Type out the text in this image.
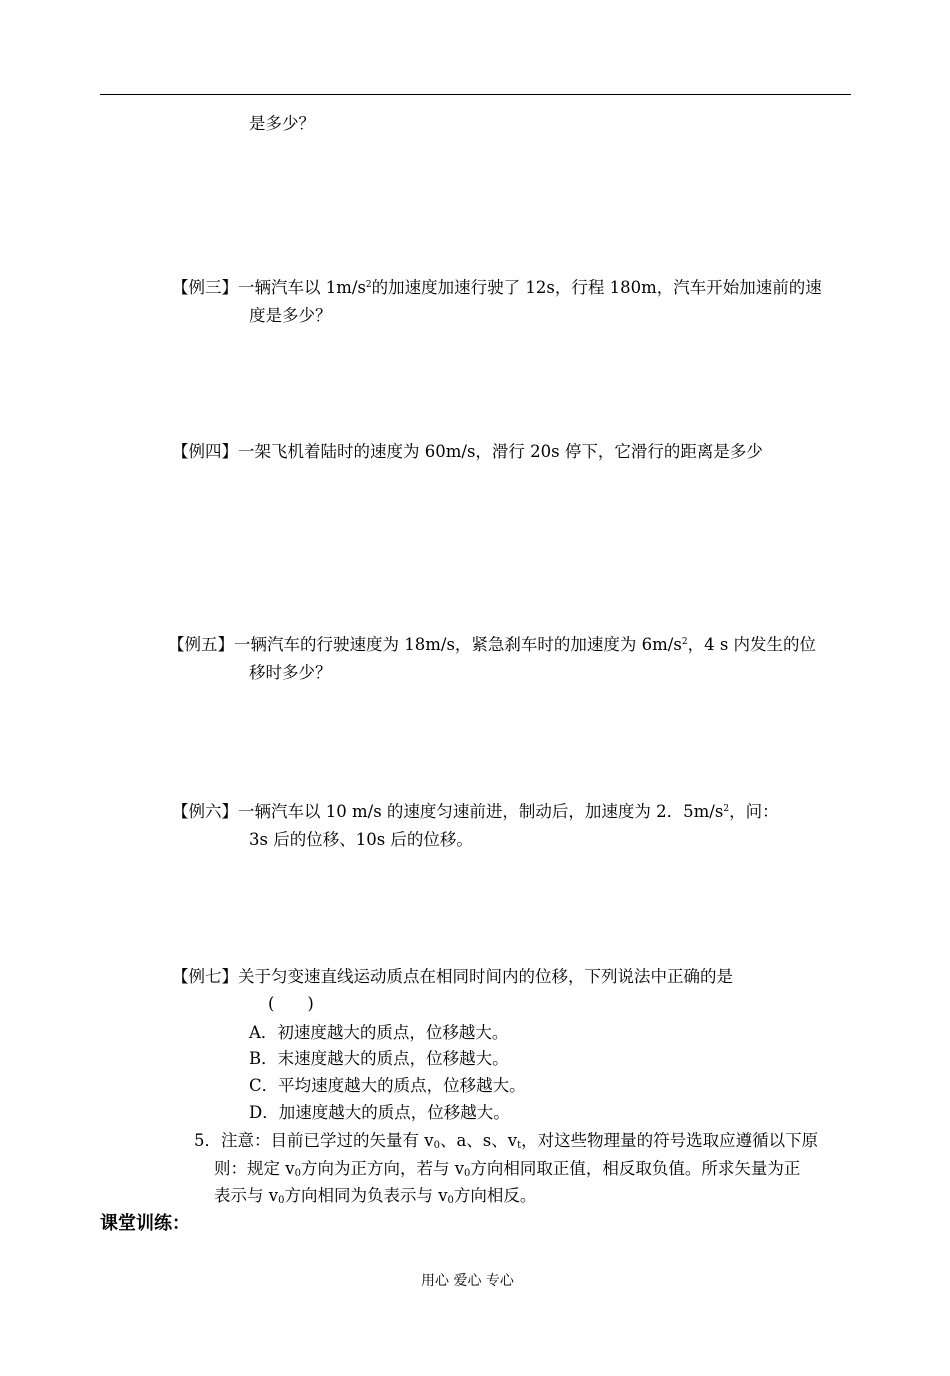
是多少？
【例三】一辆汽车以 $1m/s^2$的加速度加速行驶了 12s，行程 180m，汽车开始加速前的速
度是多少？
【例四】一架飞机着陆时的速度为 60m/s，滑行 20s 停下，它滑行的距离是多少
【例五】一辆汽车的行驶速度为 18m/s，紧急刹车时的加速度为 $6m/s^2$，4 s 内发生的位
移时多少？
【例六】一辆汽车以 10 m/s 的速度匀速前进，制动后，加速度为 2．$5m/s^2$，问：
3s 后的位移、10s 后的位移。
【例七】关于匀变速直线运动质点在相同时间内的位移，下列说法中正确的是
(　　)
A．初速度越大的质点，位移越大。
B．末速度越大的质点，位移越大。
C．平均速度越大的质点，位移越大。
D．加速度越大的质点，位移越大。
5．注意：目前已学过的矢量有 $v_0$、a、s、$v_t$，对这些物理量的符号选取应遵循以下原
则：规定 $v_0$方向为正方向，若与 $v_0$方向相同取正值，相反取负值。所求矢量为正
表示与 $v_0$方向相同为负表示与 $v_0$方向相反。
课堂训练：
用心 爱心 专心
